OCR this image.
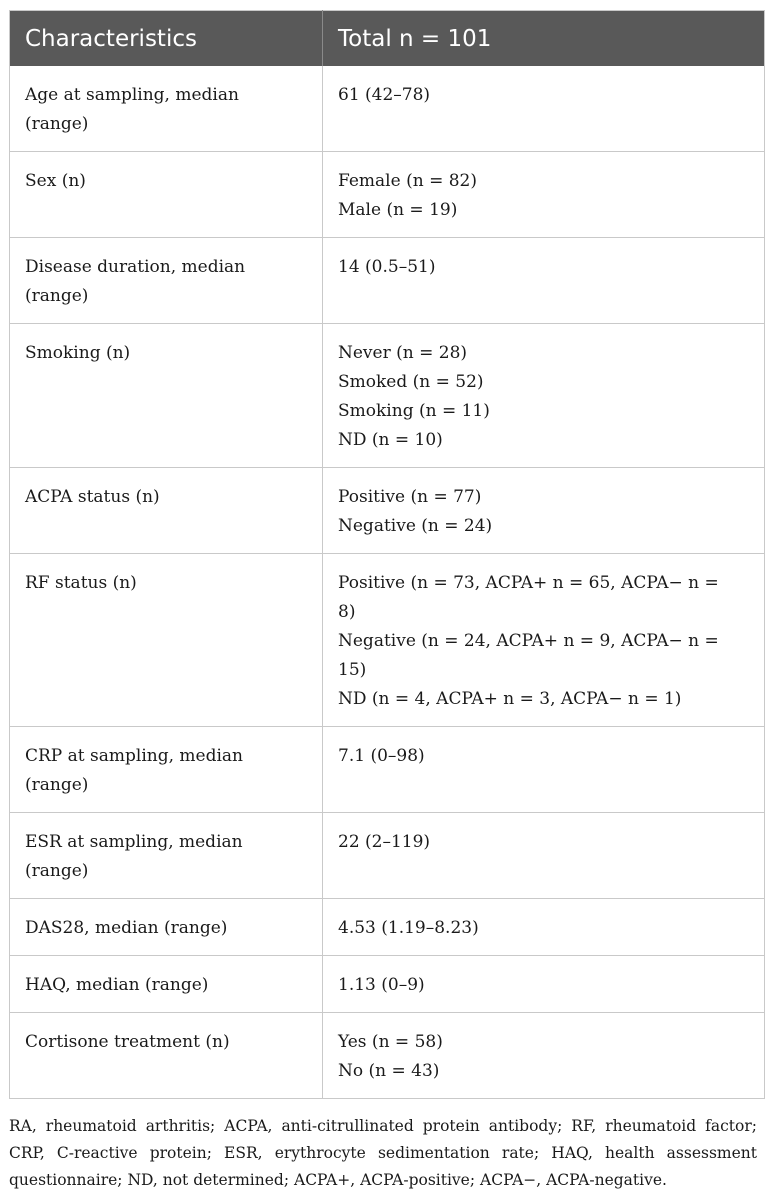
Characteristics	Total n = 101

Age at sampling, median
(range)	61 (42–78)

Sex (n)	Female (n = 82)
Male (n = 19)

Disease duration, median
(range)	14 (0.5–51)

Smoking (n)	Never (n = 28)
Smoked (n = 52)
Smoking (n = 11)
ND (n = 10)

ACPA status (n)	Positive (n = 77)
Negative (n = 24)

RF status (n)	Positive (n = 73, ACPA+ n = 65, ACPA− n =
8)
Negative (n = 24, ACPA+ n = 9, ACPA− n =
15)
ND (n = 4, ACPA+ n = 3, ACPA− n = 1)

CRP at sampling, median
(range)	7.1 (0–98)

ESR at sampling, median
(range)	22 (2–119)

DAS28, median (range)	4.53 (1.19–8.23)

HAQ, median (range)	1.13 (0–9)

Cortisone treatment (n)	Yes (n = 58)
No (n = 43)
RA, rheumatoid arthritis; ACPA, anti-citrullinated protein antibody; RF, rheumatoid factor; CRP, C-reactive protein; ESR, erythrocyte sedimentation rate; HAQ, health assessment questionnaire; ND, not determined; ACPA+, ACPA-positive; ACPA−, ACPA-negative.
